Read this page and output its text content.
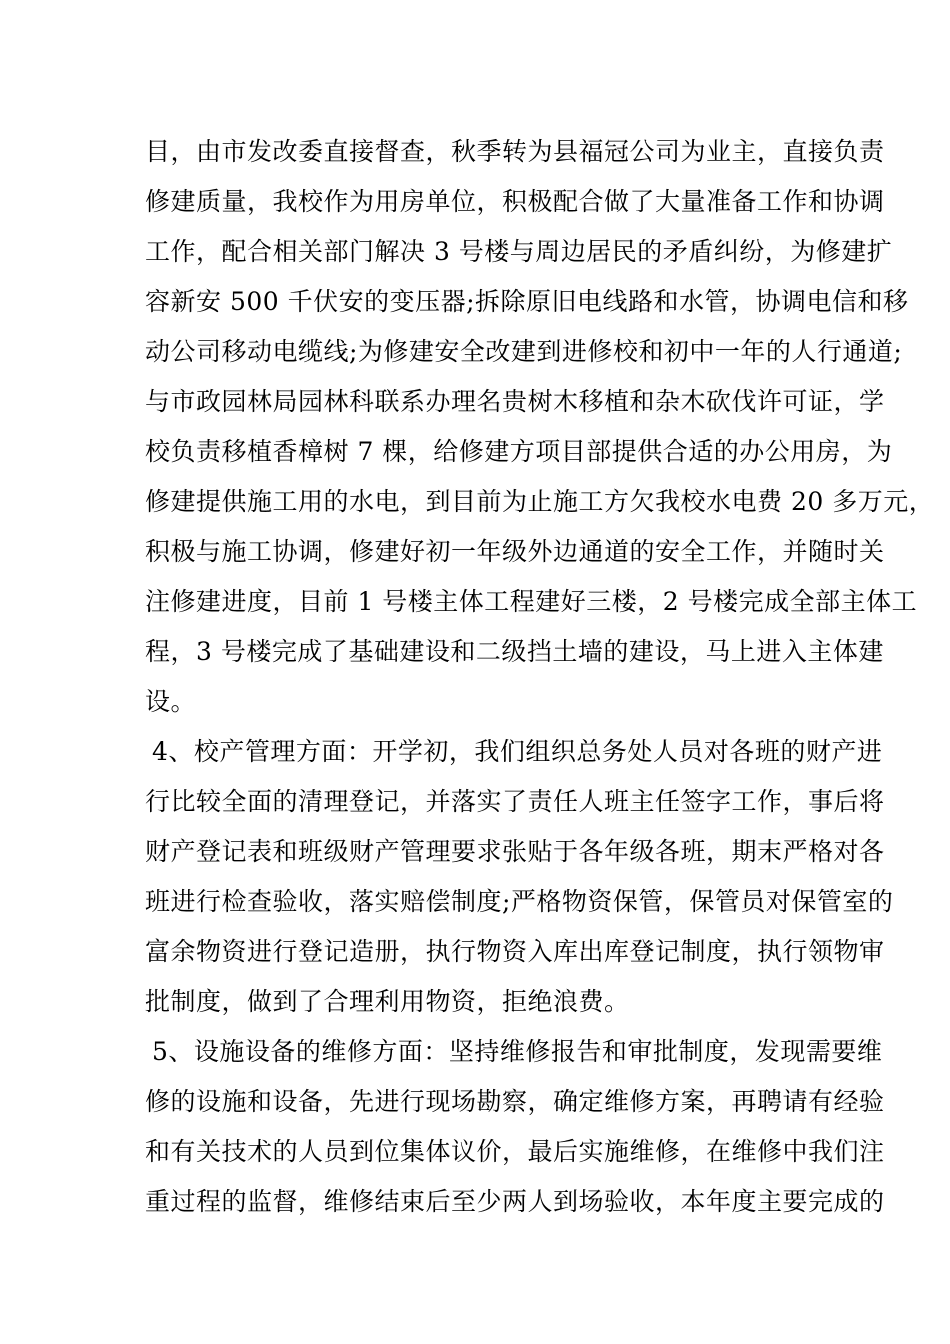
目，由市发改委直接督查，秋季转为县福冠公司为业主，直接负责
修建质量，我校作为用房单位，积极配合做了大量准备工作和协调
工作，配合相关部门解决 3 号楼与周边居民的矛盾纠纷，为修建扩
容新安 500 千伏安的变压器;拆除原旧电线路和水管，协调电信和移
动公司移动电缆线;为修建安全改建到进修校和初中一年的人行通道;
与市政园林局园林科联系办理名贵树木移植和杂木砍伐许可证，学
校负责移植香樟树 7 棵，给修建方项目部提供合适的办公用房，为
修建提供施工用的水电，到目前为止施工方欠我校水电费 20 多万元，
积极与施工协调，修建好初一年级外边通道的安全工作，并随时关
注修建进度，目前 1 号楼主体工程建好三楼，2 号楼完成全部主体工
程，3 号楼完成了基础建设和二级挡土墙的建设，马上进入主体建
设。
4、校产管理方面：开学初，我们组织总务处人员对各班的财产进
行比较全面的清理登记，并落实了责任人班主任签字工作，事后将
财产登记表和班级财产管理要求张贴于各年级各班，期末严格对各
班进行检查验收，落实赔偿制度;严格物资保管，保管员对保管室的
富余物资进行登记造册，执行物资入库出库登记制度，执行领物审
批制度，做到了合理利用物资，拒绝浪费。
5、设施设备的维修方面：坚持维修报告和审批制度，发现需要维
修的设施和设备，先进行现场勘察，确定维修方案，再聘请有经验
和有关技术的人员到位集体议价，最后实施维修，在维修中我们注
重过程的监督，维修结束后至少两人到场验收，本年度主要完成的
